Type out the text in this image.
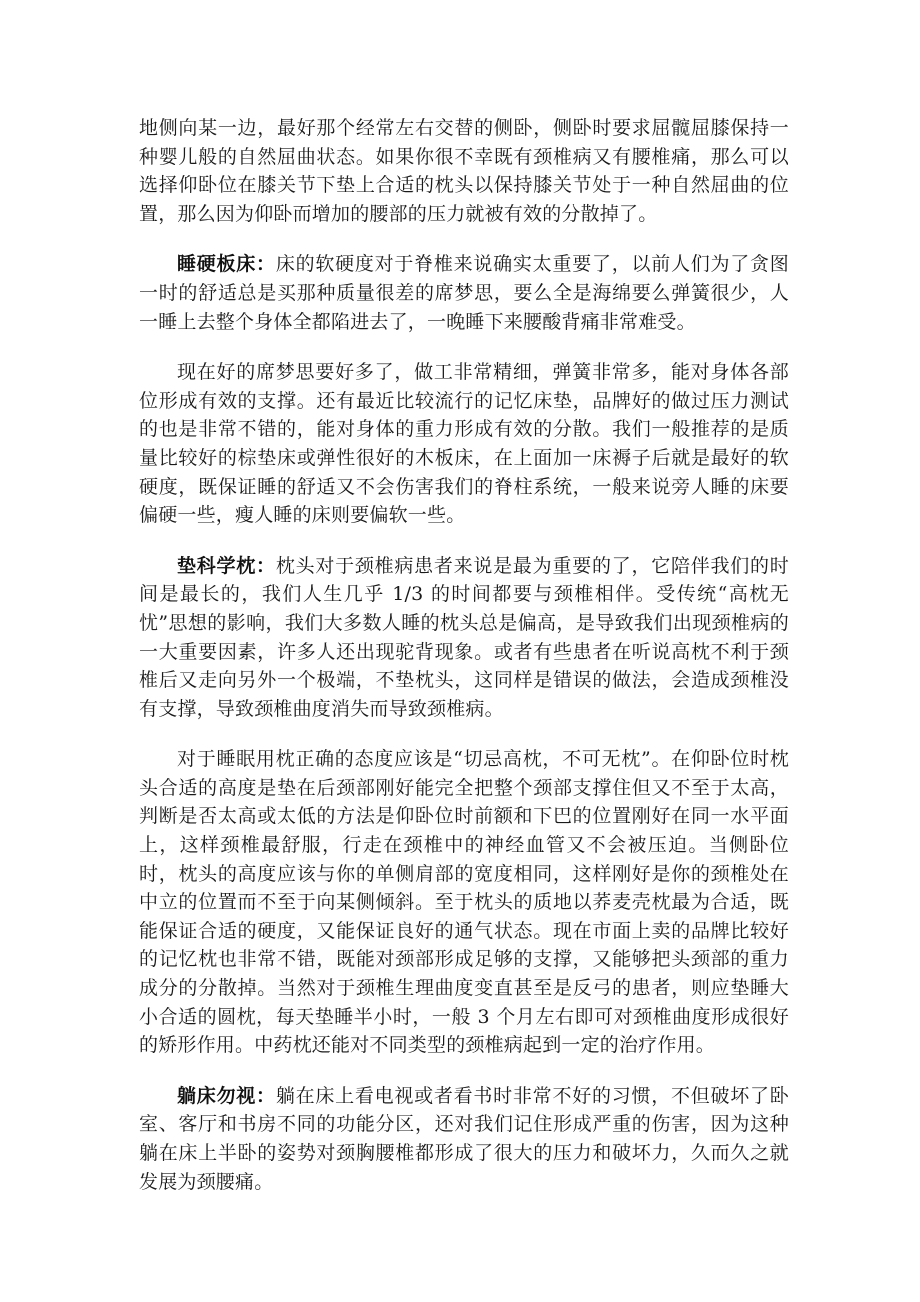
地侧向某一边，最好那个经常左右交替的侧卧，侧卧时要求屈髋屈膝保持一种婴儿般的自然屈曲状态。如果你很不幸既有颈椎病又有腰椎痛，那么可以选择仰卧位在膝关节下垫上合适的枕头以保持膝关节处于一种自然屈曲的位置，那么因为仰卧而增加的腰部的压力就被有效的分散掉了。

睡硬板床：床的软硬度对于脊椎来说确实太重要了，以前人们为了贪图一时的舒适总是买那种质量很差的席梦思，要么全是海绵要么弹簧很少，人一睡上去整个身体全都陷进去了，一晚睡下来腰酸背痛非常难受。

现在好的席梦思要好多了，做工非常精细，弹簧非常多，能对身体各部位形成有效的支撑。还有最近比较流行的记忆床垫，品牌好的做过压力测试的也是非常不错的，能对身体的重力形成有效的分散。我们一般推荐的是质量比较好的棕垫床或弹性很好的木板床，在上面加一床褥子后就是最好的软硬度，既保证睡的舒适又不会伤害我们的脊柱系统，一般来说旁人睡的床要偏硬一些，瘦人睡的床则要偏软一些。

垫科学枕：枕头对于颈椎病患者来说是最为重要的了，它陪伴我们的时间是最长的，我们人生几乎 1/3 的时间都要与颈椎相伴。受传统“高枕无忧”思想的影响，我们大多数人睡的枕头总是偏高，是导致我们出现颈椎病的一大重要因素，许多人还出现驼背现象。或者有些患者在听说高枕不利于颈椎后又走向另外一个极端，不垫枕头，这同样是错误的做法，会造成颈椎没有支撑，导致颈椎曲度消失而导致颈椎病。

对于睡眠用枕正确的态度应该是“切忌高枕，不可无枕”。在仰卧位时枕头合适的高度是垫在后颈部刚好能完全把整个颈部支撑住但又不至于太高，判断是否太高或太低的方法是仰卧位时前额和下巴的位置刚好在同一水平面上，这样颈椎最舒服，行走在颈椎中的神经血管又不会被压迫。当侧卧位时，枕头的高度应该与你的单侧肩部的宽度相同，这样刚好是你的颈椎处在中立的位置而不至于向某侧倾斜。至于枕头的质地以荞麦壳枕最为合适，既能保证合适的硬度，又能保证良好的通气状态。现在市面上卖的品牌比较好的记忆枕也非常不错，既能对颈部形成足够的支撑，又能够把头颈部的重力成分的分散掉。当然对于颈椎生理曲度变直甚至是反弓的患者，则应垫睡大小合适的圆枕，每天垫睡半小时，一般 3 个月左右即可对颈椎曲度形成很好的矫形作用。中药枕还能对不同类型的颈椎病起到一定的治疗作用。

躺床勿视：躺在床上看电视或者看书时非常不好的习惯，不但破坏了卧室、客厅和书房不同的功能分区，还对我们记住形成严重的伤害，因为这种躺在床上半卧的姿势对颈胸腰椎都形成了很大的压力和破坏力，久而久之就发展为颈腰痛。
